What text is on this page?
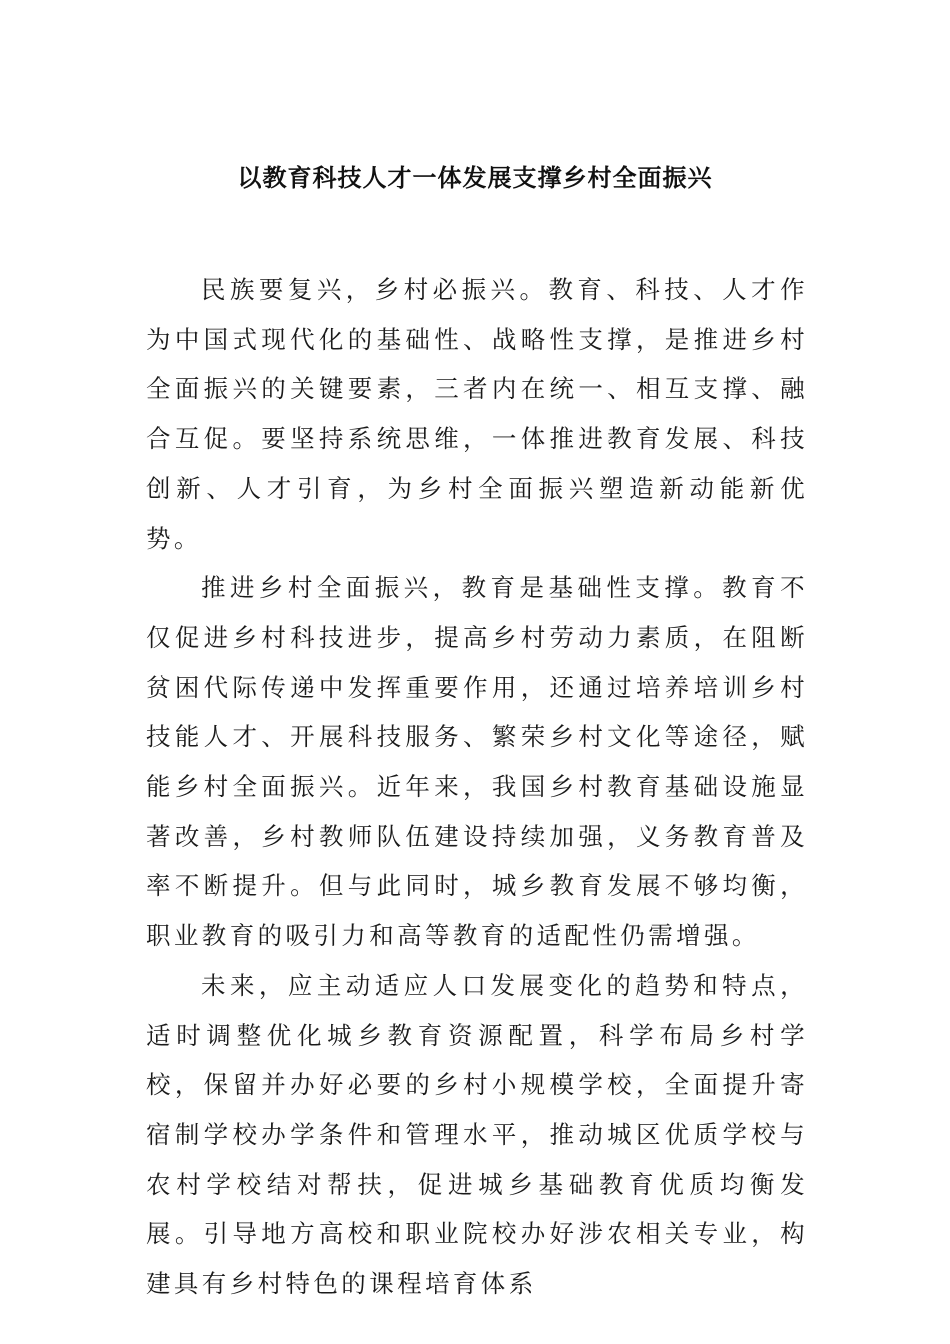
以教育科技人才一体发展支撑乡村全面振兴

民族要复兴，乡村必振兴。教育、科技、人才作为中国式现代化的基础性、战略性支撑，是推进乡村全面振兴的关键要素，三者内在统一、相互支撑、融合互促。要坚持系统思维，一体推进教育发展、科技创新、人才引育，为乡村全面振兴塑造新动能新优势。

推进乡村全面振兴，教育是基础性支撑。教育不仅促进乡村科技进步，提高乡村劳动力素质，在阻断贫困代际传递中发挥重要作用，还通过培养培训乡村技能人才、开展科技服务、繁荣乡村文化等途径，赋能乡村全面振兴。近年来，我国乡村教育基础设施显著改善，乡村教师队伍建设持续加强，义务教育普及率不断提升。但与此同时，城乡教育发展不够均衡，职业教育的吸引力和高等教育的适配性仍需增强。

未来，应主动适应人口发展变化的趋势和特点，适时调整优化城乡教育资源配置，科学布局乡村学校，保留并办好必要的乡村小规模学校，全面提升寄宿制学校办学条件和管理水平，推动城区优质学校与农村学校结对帮扶，促进城乡基础教育优质均衡发展。引导地方高校和职业院校办好涉农相关专业，构建具有乡村特色的课程培育体系
